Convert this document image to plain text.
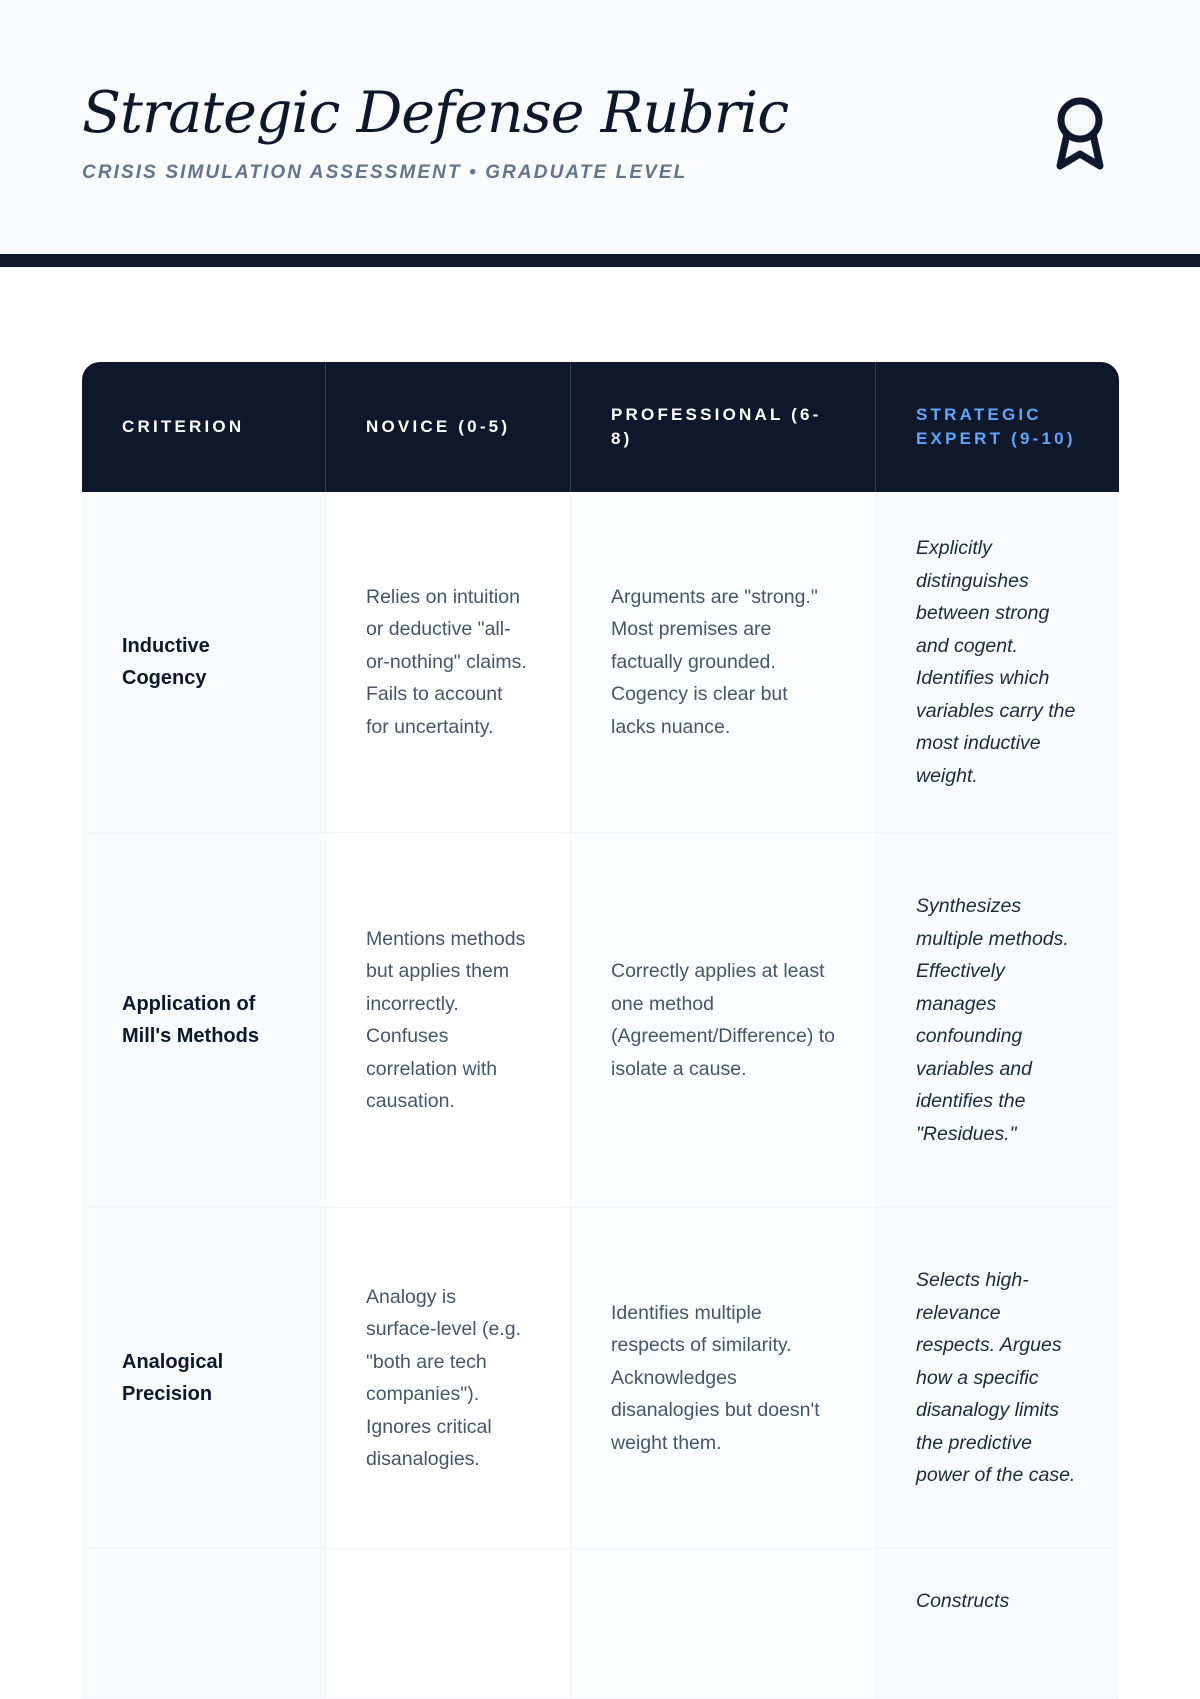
Strategic Defense Rubric
CRISIS SIMULATION ASSESSMENT • GRADUATE LEVEL
CRITERION	NOVICE (0-5)	PROFESSIONAL (6-8)	STRATEGIC EXPERT (9-10)
Inductive Cogency	Relies on intuition or deductive "all-or-nothing" claims. Fails to account for uncertainty.	Arguments are "strong." Most premises are factually grounded. Cogency is clear but lacks nuance.	Explicitly distinguishes between strong and cogent. Identifies which variables carry the most inductive weight.
Application of Mill's Methods	Mentions methods but applies them incorrectly. Confuses correlation with causation.	Correctly applies at least one method (Agreement/Difference) to isolate a cause.	Synthesizes multiple methods. Effectively manages confounding variables and identifies the "Residues."
Analogical Precision	Analogy is surface-level (e.g. "both are tech companies"). Ignores critical disanalogies.	Identifies multiple respects of similarity. Acknowledges disanalogies but doesn't weight them.	Selects high-relevance respects. Argues how a specific disanalogy limits the predictive power of the case.
			Constructs
